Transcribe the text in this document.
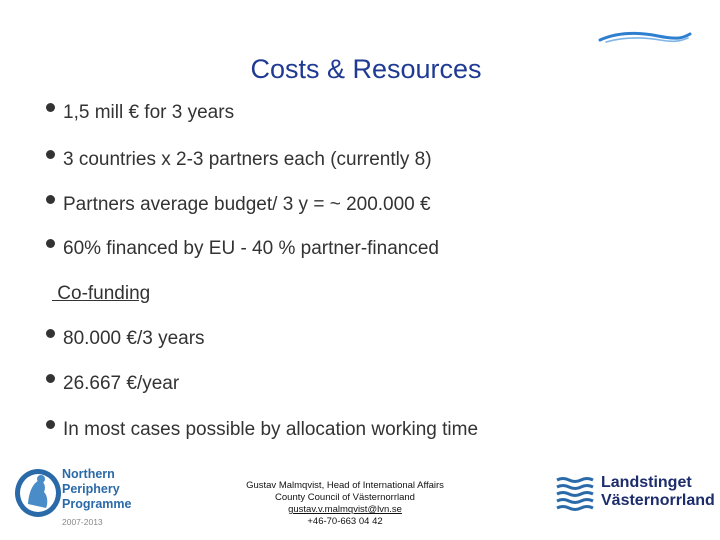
Costs & Resources
1,5 mill € for 3 years
3 countries x 2-3 partners each (currently 8)
Partners average budget/ 3 y = ~ 200.000 €
60% financed by EU - 40 % partner-financed
Co-funding
80.000 €/3 years
26.667 €/year
In most cases possible by allocation working time
Northern
Periphery
Programme
2007-2013
Gustav Malmqvist, Head of International Affairs
County Council of Västernorrland
gustav.v.malmqvist@lvn.se
+46-70-663 04 42
Landstinget
Västernorrland
